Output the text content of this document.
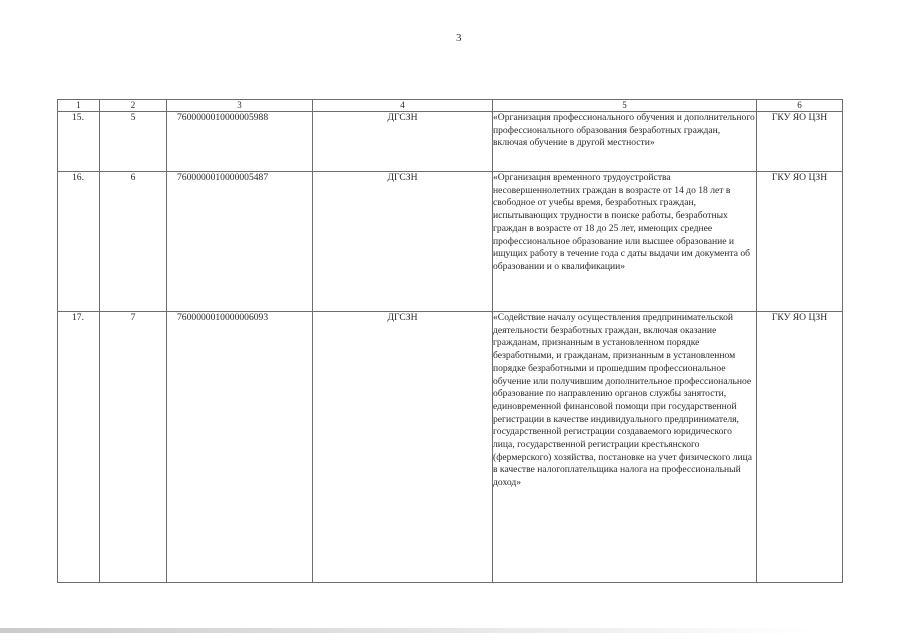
3
1	2	3	4	5	6
15.	5	7600000010000005988	ДГСЗН	«Организация профессионального обучения и дополнительного профессионального образования безработных граждан, включая обучение в другой местности»	ГКУ ЯО ЦЗН
16.	6	7600000010000005487	ДГСЗН	«Организация временного трудоустройства несовершеннолетних граждан в возрасте от 14 до 18 лет в свободное от учебы время, безработных граждан, испытывающих трудности в поиске работы, безработных граждан в возрасте от 18 до 25 лет, имеющих среднее профессиональное образование или высшее образование и ищущих работу в течение года с даты выдачи им документа об образовании и о квалификации»	ГКУ ЯО ЦЗН
17.	7	7600000010000006093	ДГСЗН	«Содействие началу осуществления предпринимательской деятельности безработных граждан, включая оказание гражданам, признанным в установленном порядке безработными, и гражданам, признанным в установленном порядке безработными и прошедшим профессиональное обучение или получившим дополнительное профессиональное образование по направлению органов службы занятости, единовременной финансовой помощи при государственной регистрации в качестве индивидуального предпринимателя, государственной регистрации создаваемого юридического лица, государственной регистрации крестьянского (фермерского) хозяйства, постановке на учет физического лица в качестве налогоплательщика налога на профессиональный доход»	ГКУ ЯО ЦЗН
